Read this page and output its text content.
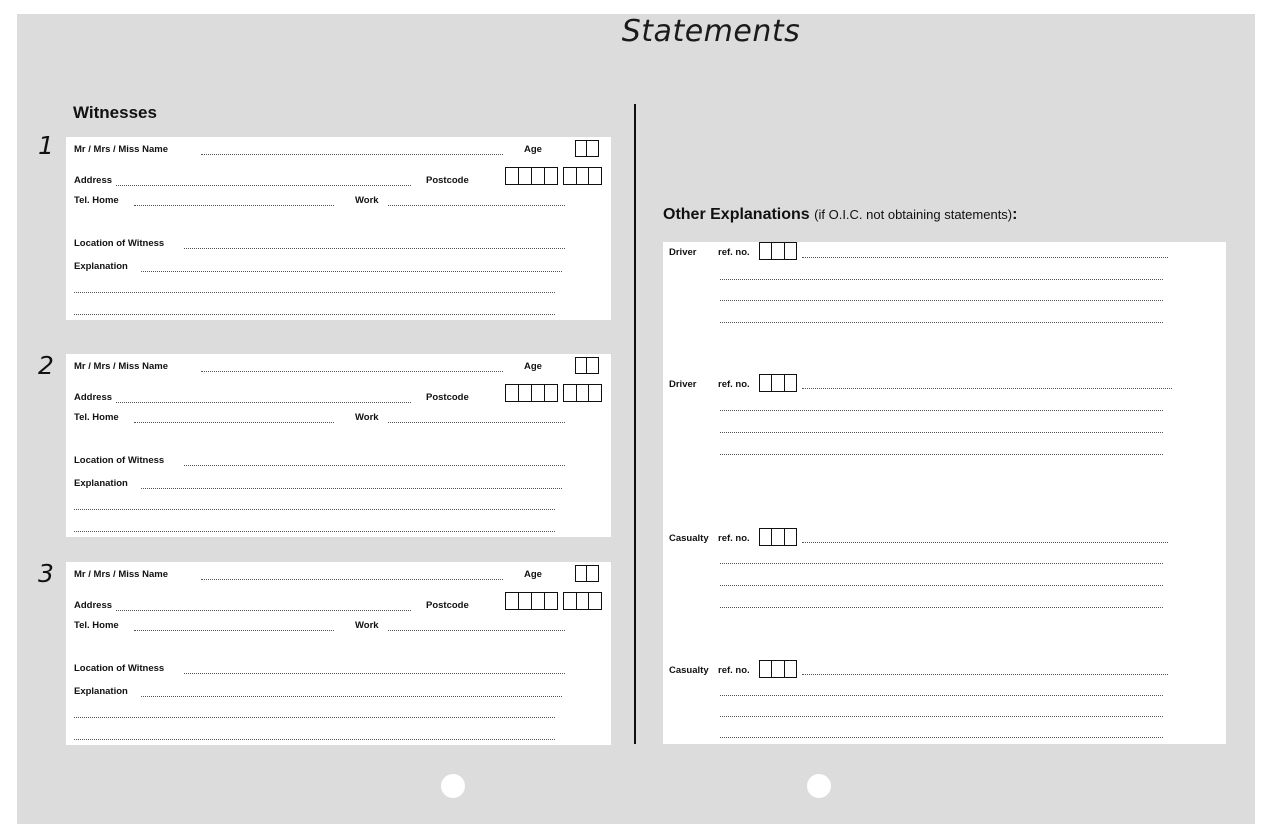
Statements
Witnesses
1 Mr / Mrs / Miss Name	Age
Address	Postcode
Tel. Home	Work
Location of Witness
Explanation
2 Mr / Mrs / Miss Name	Age
Address	Postcode
Tel. Home	Work
Location of Witness
Explanation
3 Mr / Mrs / Miss Name	Age
Address	Postcode
Tel. Home	Work
Location of Witness
Explanation
Other Explanations (if O.I.C. not obtaining statements):
Driver ref. no.
Driver ref. no.
Casualty ref. no.
Casualty ref. no.
